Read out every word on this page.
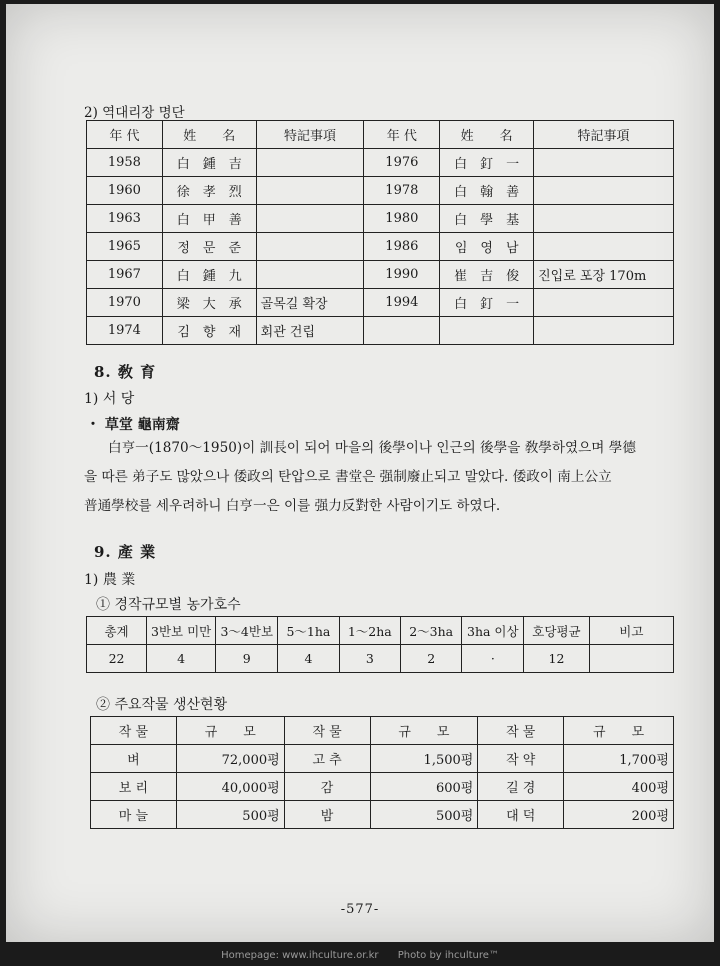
2) 역대리장 명단
年 代	姓　　名	特記事項	年 代	姓　　名	特記事項
1958	白　鍾　吉		1976	白　釘　一	
1960	徐　孝　烈		1978	白　翰　善	
1963	白　甲　善		1980	白　學　基	
1965	정　문　준		1986	임　영　남	
1967	白　鍾　九		1990	崔　吉　俊	진입로 포장 170m
1970	梁　大　承	골목길 확장	1994	白　釘　一	
1974	김　향　재	회관 건립			
8. 敎 育
1) 서 당
・ 草堂 龜南齋
白亨一(1870～1950)이 訓長이 되어 마을의 後學이나 인근의 後學을 敎學하였으며 學德
을 따른 弟子도 많았으나 倭政의 탄압으로 書堂은 强制廢止되고 말았다. 倭政이 南上公立
普通學校를 세우려하니 白亨一은 이를 强力反對한 사람이기도 하였다.
9. 產 業
1) 農 業
① 경작규모별 농가호수
총계	3반보 미만	3～4반보	5～1ha	1～2ha	2～3ha	3ha 이상	호당평균	비고
22	4	9	4	3	2	·	12	
② 주요작물 생산현황
작 물	규　　모	작 물	규　　모	작 물	규　　모
벼	72,000평	고 추	1,500평	작 약	1,700평
보 리	40,000평	감	600평	길 경	400평
마 늘	500평	밤	500평	대 덕	200평
-577-
Homepage: www.ihculture.or.kr Photo by ihculture™
